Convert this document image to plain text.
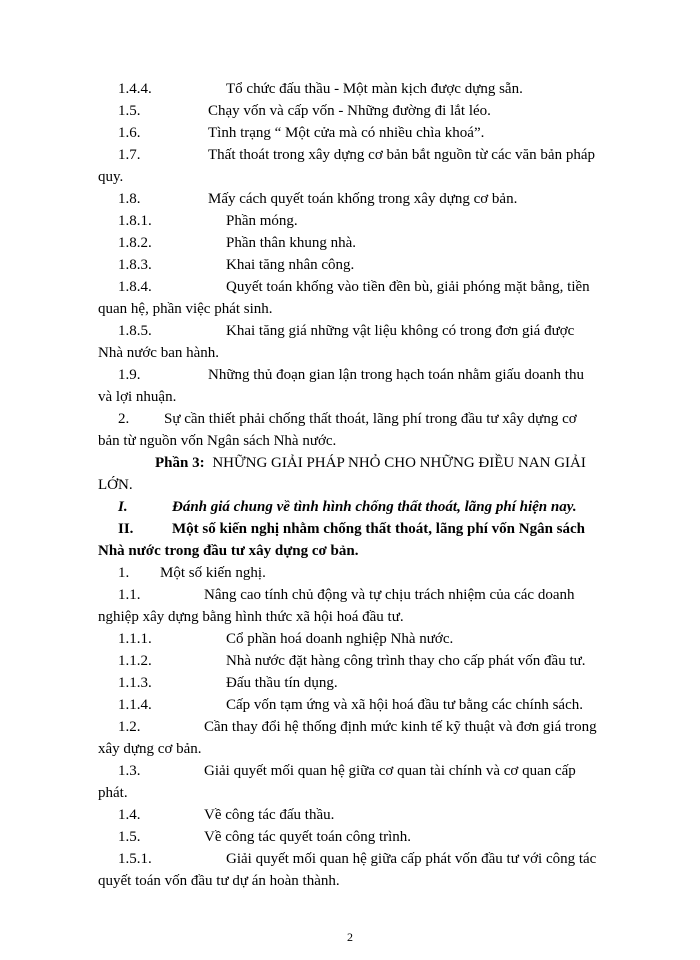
1.4.4.	Tổ chức đấu thầu - Một màn kịch được dựng sẵn.
1.5.	Chạy vốn và cấp vốn - Những đường đi lắt léo.
1.6.	Tình trạng “ Một cửa mà có nhiều chìa khoá”.
1.7.	Thất thoát trong xây dựng cơ bản bắt nguồn từ các văn bản pháp
quy.
1.8.	Mấy cách quyết toán khống trong xây dựng cơ bản.
1.8.1.	Phần móng.
1.8.2.	Phần thân khung nhà.
1.8.3.	Khai tăng nhân công.
1.8.4.	Quyết toán khống vào tiền đền bù, giải phóng mặt bằng, tiền
quan hệ, phần việc phát sinh.
1.8.5.	Khai tăng giá những vật liệu không có trong đơn giá được
Nhà nước ban hành.
1.9.	Những thủ đoạn gian lận trong hạch toán nhằm giấu doanh thu
và lợi nhuận.
2. Sự cần thiết phải chống thất thoát, lãng phí trong đầu tư xây dựng cơ
bản từ nguồn vốn Ngân sách Nhà nước.
Phần 3: NHỮNG GIẢI PHÁP NHỎ CHO NHỮNG ĐIỀU NAN GIẢI
LỚN.
I.	Đánh giá chung về tình hình chống thất thoát, lãng phí hiện nay.
II.	Một số kiến nghị nhằm chống thất thoát, lãng phí vốn Ngân sách
Nhà nước trong đầu tư xây dựng cơ bản.
1. Một số kiến nghị.
1.1.	Nâng cao tính chủ động và tự chịu trách nhiệm của các doanh
nghiệp xây dựng bằng hình thức xã hội hoá đầu tư.
1.1.1.	Cổ phần hoá doanh nghiệp Nhà nước.
1.1.2.	Nhà nước đặt hàng công trình thay cho cấp phát vốn đầu tư.
1.1.3.	Đấu thầu tín dụng.
1.1.4.	Cấp vốn tạm ứng và xã hội hoá đầu tư bằng các chính sách.
1.2.	Cần thay đổi hệ thống định mức kinh tế kỹ thuật và đơn giá trong
xây dựng cơ bản.
1.3.	Giải quyết mối quan hệ giữa cơ quan tài chính và cơ quan cấp
phát.
1.4.	Về công tác đấu thầu.
1.5.	Về công tác quyết toán công trình.
1.5.1.	Giải quyết mối quan hệ giữa cấp phát vốn đầu tư với công tác
quyết toán vốn đầu tư dự án hoàn thành.
2
